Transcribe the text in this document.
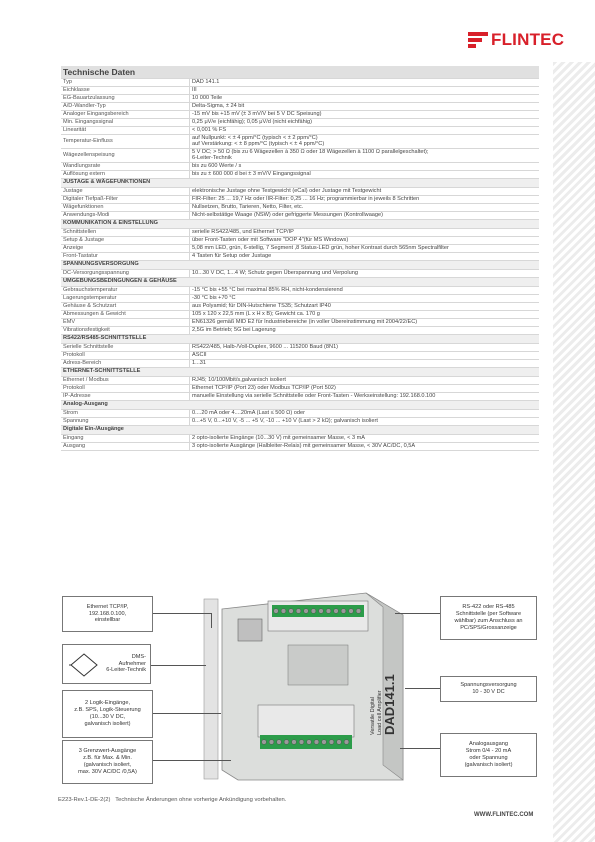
FLINTEC
Technische Daten	
Typ	DAD 141.1
Eichklasse	III
EG-Bauartzulassung	10 000 Teile
A/D-Wandler-Typ	Delta-Sigma, ± 24 bit
Analoger Eingangsbereich	-15 mV bis +15 mV (± 3 mV/V bei 5 V DC Speisung)
Min. Eingangssignal	0,25 μV/e (eichfähig); 0,05 μV/d (nicht eichfähig)
Linearität	< 0,001 % FS
Temperatur-Einfluss	auf Nullpunkt: < ± 4 ppm/°C (typisch < ± 2 ppm/°C)
auf Verstärkung: < ± 8 ppm/°C (typisch < ± 4 ppm/°C)
Wägezellenspeisung	5 V DC; > 50 Ω (bis zu 6 Wägezellen à 350 Ω oder 18 Wägezellen à 1100 Ω parallelgeschaltet);
6-Leiter-Technik
Wandlungsrate	bis zu 600 Werte / s
Auflösung extern	bis zu ± 600 000 d bei ± 3 mV/V Eingangssignal
JUSTAGE & WÄGEFUNKTIONEN	
Justage	elektronische Justage ohne Testgewicht (eCal) oder Justage mit Testgewicht
Digitaler Tiefpaß-Filter	FIR-Filter: 25 ... 19,7 Hz oder IIR-Filter: 0,25 ... 16 Hz; programmierbar in jeweils 8 Schritten
Wägefunktionen	Nullsetzen, Brutto, Tarieren, Netto, Filter, etc.
Anwendungs-Modi	Nicht-selbstätige Waage (NSW) oder gefriggerte Messungen (Kontrollwaage)
KOMMUNIKATION & EINSTELLUNG	
Schnittstellen	serielle RS422/485, und Ethernet TCP/IP
Setup & Justage	über Front-Tasten oder mit Software "DOP 4"(für MS Windows)
Anzeige	5,08 mm LED, grün, 6-stellig, 7 Segment ,8 Status-LED grün, hoher Kontrast durch 565nm Spectralfilter
Front-Tastatur	4 Tasten für Setup oder Justage
SPANNUNGSVERSORGUNG	
DC-Versorgungsspannung	10...30 V DC, 1...4 W; Schutz gegen Überspannung und Verpolung
UMGEBUNGSBEDINGUNGEN & GEHÄUSE	
Gebrauchstemperatur	-15 °C bis +55 °C bei maximal 85% RH, nicht-kondensierend
Lagerungstemperatur	-30 °C bis +70 °C
Gehäuse & Schutzart	aus Polyamid; für DIN-Hutschiene TS35; Schutzart IP40
Abmessungen & Gewicht	105 x 120 x 22,5 mm (L x H x B); Gewicht ca. 170 g
EMV	EN61326 gemäß MID E2 für Industriebereiche (in voller Übereinstimmung mit 2004/22/EC)
Vibrationsfestigkeit	2,5G im Betrieb; 5G bei Lagerung
RS422/RS485-SCHNITTSTELLE	
Serielle Schnittstelle	RS422/485, Halb-/Voll-Duplex, 9600 ... 115200 Baud (8N1)
Protokoll	ASCII
Adress-Bereich	1...31
ETHERNET-SCHNITTSTELLE	
Ethernet / Modbus	RJ45; 10/100Mbit/s,galvanisch isoliert
Protokoll	Ethernet TCP/IP (Port 23) oder Modbus TCP/IP (Port 502)
IP-Adresse	manuelle Einstellung via serielle Schnittstelle oder Front-Tasten - Werkseinstellung: 192.168.0.100
Analog-Ausgang	
Strom	0....20 mA oder 4....20mA (Last ≤ 500 Ω) oder
Spannung	0...+5 V, 0...+10 V, -5 ... +5 V, -10 ... +10 V (Last > 2 kΩ); galvanisch isoliert
Digitale Ein-/Ausgänge	
Eingang	2 opto-isolierte Eingänge (10...30 V) mit gemeinsamer Masse, < 3 mA
Ausgang	3 opto-isolierte Ausgänge (Halbleiter-Relais) mit gemeinsamer Masse, < 30V AC/DC, 0,5A
DAD141.1
Versatile Digital Load cell Amplifier
Ethernet TCP/IP,
192.168.0.100,
einstellbar
DMS-
Aufnehmer
6-Leiter-Technik
2 Logik-Eingänge,
z.B. SPS, Logik-Steuerung
(10...30 V DC,
galvanisch isoliert)
3 Grenzwert-Ausgänge
z.B. für Max. & Min.
(galvanisch isoliert,
max. 30V AC/DC /0,5A)
RS-422 oder RS-485
Schnittstelle (per Software
wählbar) zum Anschluss an
PC/SPS/Grossanzeige
Spannungsversorgung
10 - 30 V DC
Analogausgang
Strom 0/4 - 20 mA
oder Spannung
(galvanisch isoliert)
E223-Rev.1-DE-2(2) Technische Änderungen ohne vorherige Ankündigung vorbehalten.
WWW.FLINTEC.COM
